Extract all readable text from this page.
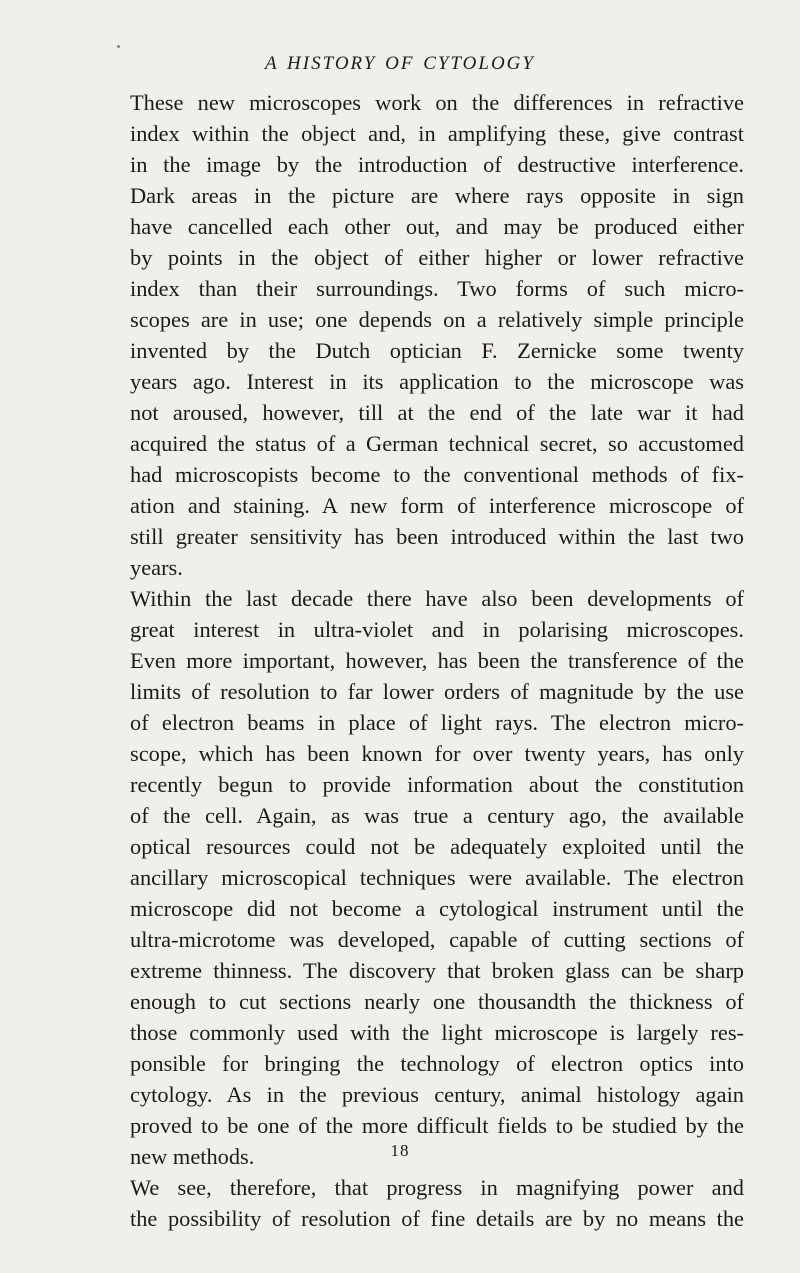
A HISTORY OF CYTOLOGY
These new microscopes work on the differences in refractive
index within the object and, in amplifying these, give contrast
in the image by the introduction of destructive interference.
Dark areas in the picture are where rays opposite in sign
have cancelled each other out, and may be produced either
by points in the object of either higher or lower refractive
index than their surroundings. Two forms of such micro-
scopes are in use; one depends on a relatively simple principle
invented by the Dutch optician F. Zernicke some twenty
years ago. Interest in its application to the microscope was
not aroused, however, till at the end of the late war it had
acquired the status of a German technical secret, so accustomed
had microscopists become to the conventional methods of fix-
ation and staining. A new form of interference microscope of
still greater sensitivity has been introduced within the last two
years.
Within the last decade there have also been developments of
great interest in ultra-violet and in polarising microscopes.
Even more important, however, has been the transference of the
limits of resolution to far lower orders of magnitude by the use
of electron beams in place of light rays. The electron micro-
scope, which has been known for over twenty years, has only
recently begun to provide information about the constitution
of the cell. Again, as was true a century ago, the available
optical resources could not be adequately exploited until the
ancillary microscopical techniques were available. The electron
microscope did not become a cytological instrument until the
ultra-microtome was developed, capable of cutting sections of
extreme thinness. The discovery that broken glass can be sharp
enough to cut sections nearly one thousandth the thickness of
those commonly used with the light microscope is largely res-
ponsible for bringing the technology of electron optics into
cytology. As in the previous century, animal histology again
proved to be one of the more difficult fields to be studied by the
new methods.
We see, therefore, that progress in magnifying power and
the possibility of resolution of fine details are by no means the
18
